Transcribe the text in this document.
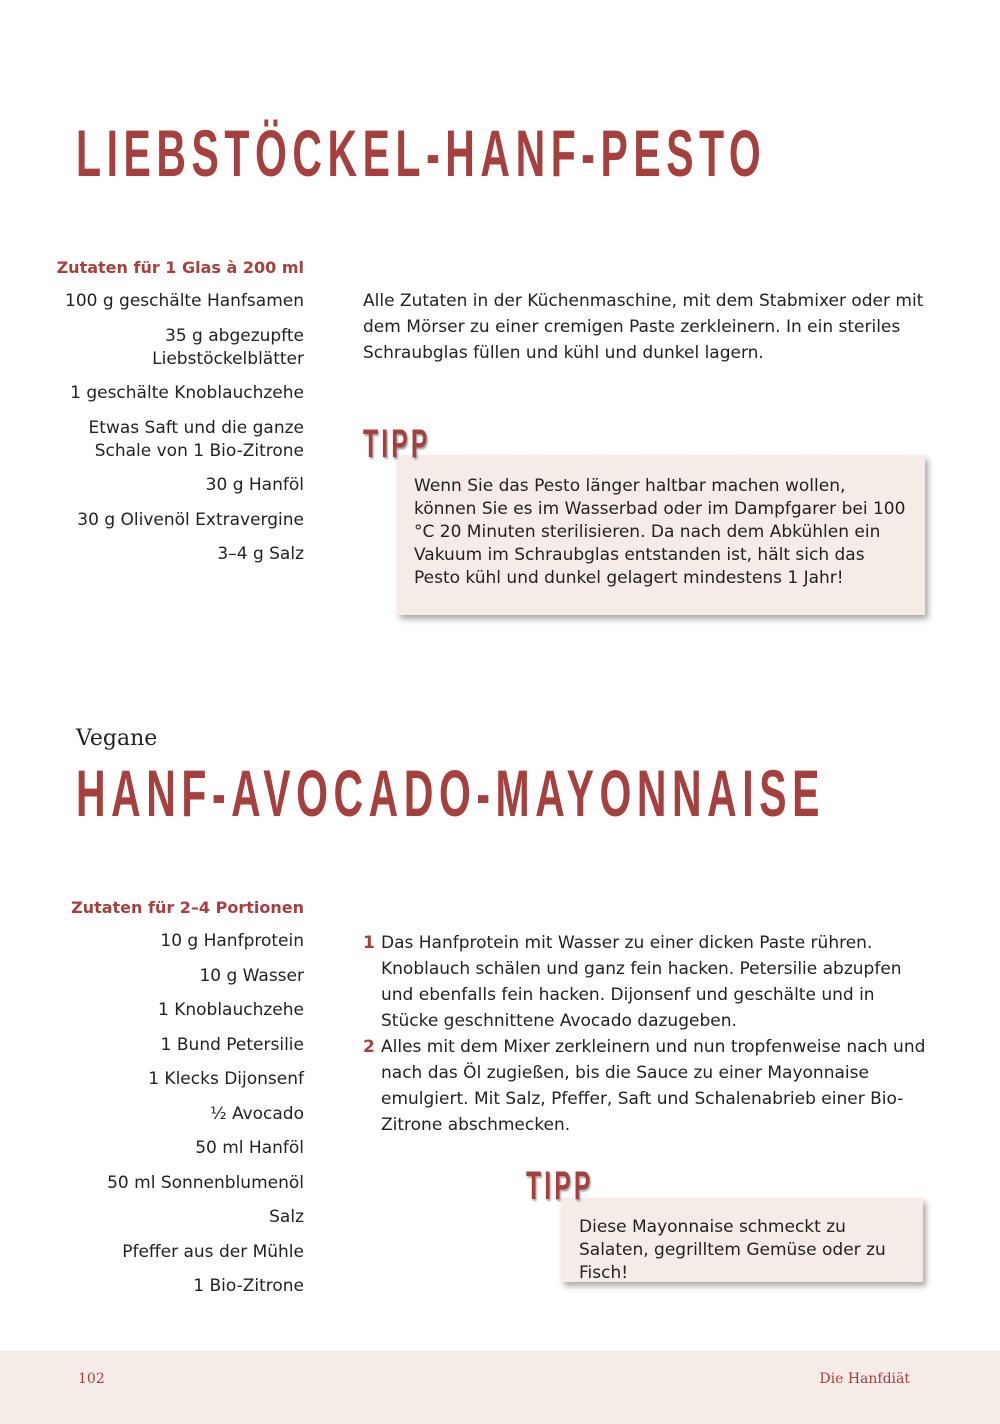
LIEBSTÖCKEL-HANF-PESTO
Zutaten für 1 Glas à 200 ml
100 g geschälte Hanfsamen
35 g abgezupfte Liebstöckelblätter
1 geschälte Knoblauchzehe
Etwas Saft und die ganze Schale von 1 Bio-Zitrone
30 g Hanföl
30 g Olivenöl Extravergine
3–4 g Salz

Alle Zutaten in der Küchenmaschine, mit dem Stabmixer oder mit dem Mörser zu einer cremigen Paste zerkleinern. In ein steriles Schraubglas füllen und kühl und dunkel lagern.

Wenn Sie das Pesto länger haltbar machen wollen, können Sie es im Wasserbad oder im Dampfgarer bei 100 °C 20 Minuten sterilisieren. Da nach dem Abkühlen ein Vakuum im Schraubglas entstanden ist, hält sich das Pesto kühl und dunkel gelagert mindestens 1 Jahr!

TIPP
Vegane
HANF-AVOCADO-MAYONNAISE
Zutaten für 2–4 Portionen
10 g Hanfprotein
10 g Wasser
1 Knoblauchzehe
1 Bund Petersilie
1 Klecks Dijonsenf
½ Avocado
50 ml Hanföl
50 ml Sonnenblumenöl
Salz
Pfeffer aus der Mühle
1 Bio-Zitrone
1 Das Hanfprotein mit Wasser zu einer dicken Paste rühren. Knoblauch schälen und ganz fein hacken. Petersilie abzupfen und ebenfalls fein hacken. Dijonsenf und geschälte und in Stücke geschnittene Avocado dazugeben.
2 Alles mit dem Mixer zerkleinern und nun tropfenweise nach und nach das Öl zugießen, bis die Sauce zu einer Mayonnaise emulgiert. Mit Salz, Pfeffer, Saft und Schalenabrieb einer Bio-Zitrone abschmecken.

Diese Mayonnaise schmeckt zu Salaten, gegrilltem Gemüse oder zu Fisch!

TIPP
102	Die Hanfdiät
